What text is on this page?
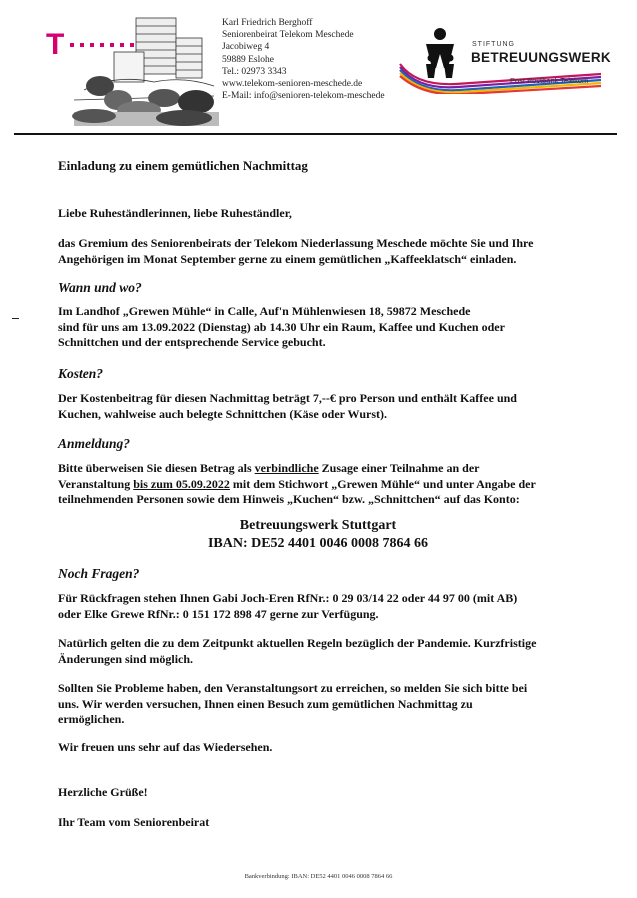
T
Karl Friedrich Berghoff
Seniorenbeirat Telekom Meschede
Jacobiweg 4
59889 Eslohe
Tel.: 02973 3343
www.telekom-senioren-meschede.de
E-Mail: info@senioren-telekom-meschede
STIFTUNG
BETREUUNGSWERK
Post Postbank Telekom
Einladung zu einem gemütlichen Nachmittag
Liebe Ruheständlerinnen, liebe Ruheständler,
das Gremium des Seniorenbeirats der Telekom Niederlassung Meschede möchte Sie und Ihre
Angehörigen im Monat September gerne zu einem gemütlichen „Kaffeeklatsch“ einladen.
Wann und wo?
Im Landhof „Grewen Mühle“ in Calle, Auf'n Mühlenwiesen 18, 59872 Meschede
sind für uns am 13.09.2022 (Dienstag) ab 14.30 Uhr ein Raum, Kaffee und Kuchen oder
Schnittchen und der entsprechende Service gebucht.
Kosten?
Der Kostenbeitrag für diesen Nachmittag beträgt 7,--€ pro Person und enthält Kaffee und
Kuchen, wahlweise auch belegte Schnittchen (Käse oder Wurst).
Anmeldung?
Bitte überweisen Sie diesen Betrag als verbindliche Zusage einer Teilnahme an der
Veranstaltung bis zum 05.09.2022 mit dem Stichwort „Grewen Mühle“ und unter Angabe der
teilnehmenden Personen sowie dem Hinweis „Kuchen“ bzw. „Schnittchen“ auf das Konto:
Betreuungswerk Stuttgart
IBAN: DE52 4401 0046 0008 7864 66
Noch Fragen?
Für Rückfragen stehen Ihnen Gabi Joch-Eren RfNr.: 0 29 03/14 22 oder 44 97 00 (mit AB)
oder Elke Grewe RfNr.: 0 151 172 898 47 gerne zur Verfügung.
Natürlich gelten die zu dem Zeitpunkt aktuellen Regeln bezüglich der Pandemie. Kurzfristige
Änderungen sind möglich.
Sollten Sie Probleme haben, den Veranstaltungsort zu erreichen, so melden Sie sich bitte bei
uns. Wir werden versuchen, Ihnen einen Besuch zum gemütlichen Nachmittag zu
ermöglichen.
Wir freuen uns sehr auf das Wiedersehen.
Herzliche Grüße!
Ihr Team vom Seniorenbeirat
Bankverbindung: IBAN: DE52 4401 0046 0008 7864 66
